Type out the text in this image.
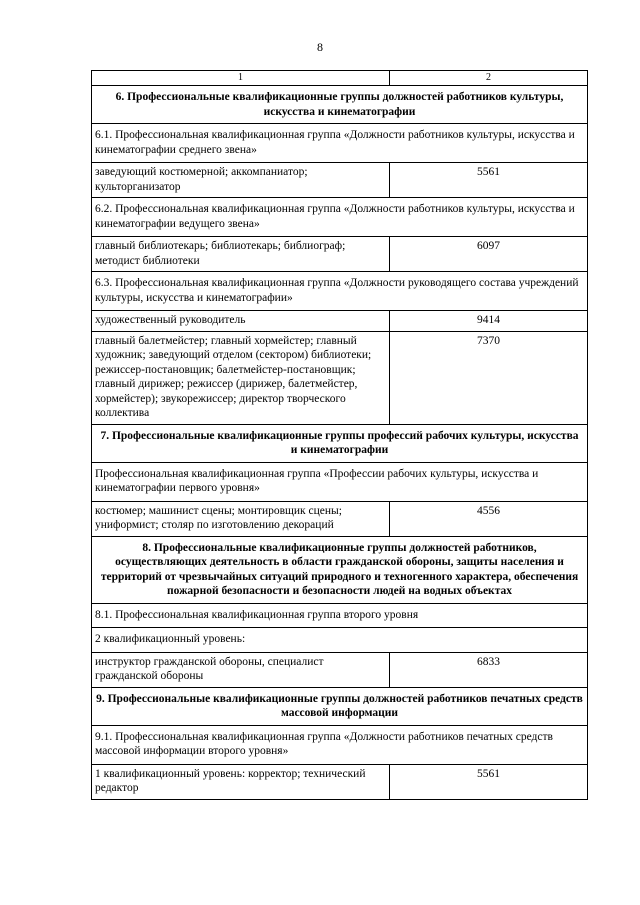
8
1	2
6. Профессиональные квалификационные группы должностей работников культуры, искусства и кинематографии	
6.1. Профессиональная квалификационная группа «Должности работников культуры, искусства и кинематографии среднего звена»	
заведующий костюмерной; аккомпаниатор; культорганизатор	5561
6.2. Профессиональная квалификационная группа «Должности работников культуры, искусства и кинематографии ведущего звена»	
главный библиотекарь; библиотекарь; библиограф; методист библиотеки	6097
6.3. Профессиональная квалификационная группа «Должности руководящего состава учреждений культуры, искусства и кинематографии»	
художественный руководитель	9414
главный балетмейстер; главный хормейстер; главный художник; заведующий отделом (сектором) библиотеки; режиссер-постановщик; балетмейстер-постановщик; главный дирижер; режиссер (дирижер, балетмейстер, хормейстер); звукорежиссер; директор творческого коллектива	7370
7. Профессиональные квалификационные группы профессий рабочих культуры, искусства и кинематографии	
Профессиональная квалификационная группа «Профессии рабочих культуры, искусства и кинематографии первого уровня»	
костюмер; машинист сцены; монтировщик сцены; униформист; столяр по изготовлению декораций	4556
8. Профессиональные квалификационные группы должностей работников, осуществляющих деятельность в области гражданской обороны, защиты населения и территорий от чрезвычайных ситуаций природного и техногенного характера, обеспечения пожарной безопасности и безопасности людей на водных объектах	
8.1. Профессиональная квалификационная группа второго уровня	
2 квалификационный уровень:	
инструктор гражданской обороны, специалист гражданской обороны	6833
9. Профессиональные квалификационные группы должностей работников печатных средств массовой информации	
9.1. Профессиональная квалификационная группа «Должности работников печатных средств массовой информации второго уровня»	
1 квалификационный уровень: корректор; технический редактор	5561
